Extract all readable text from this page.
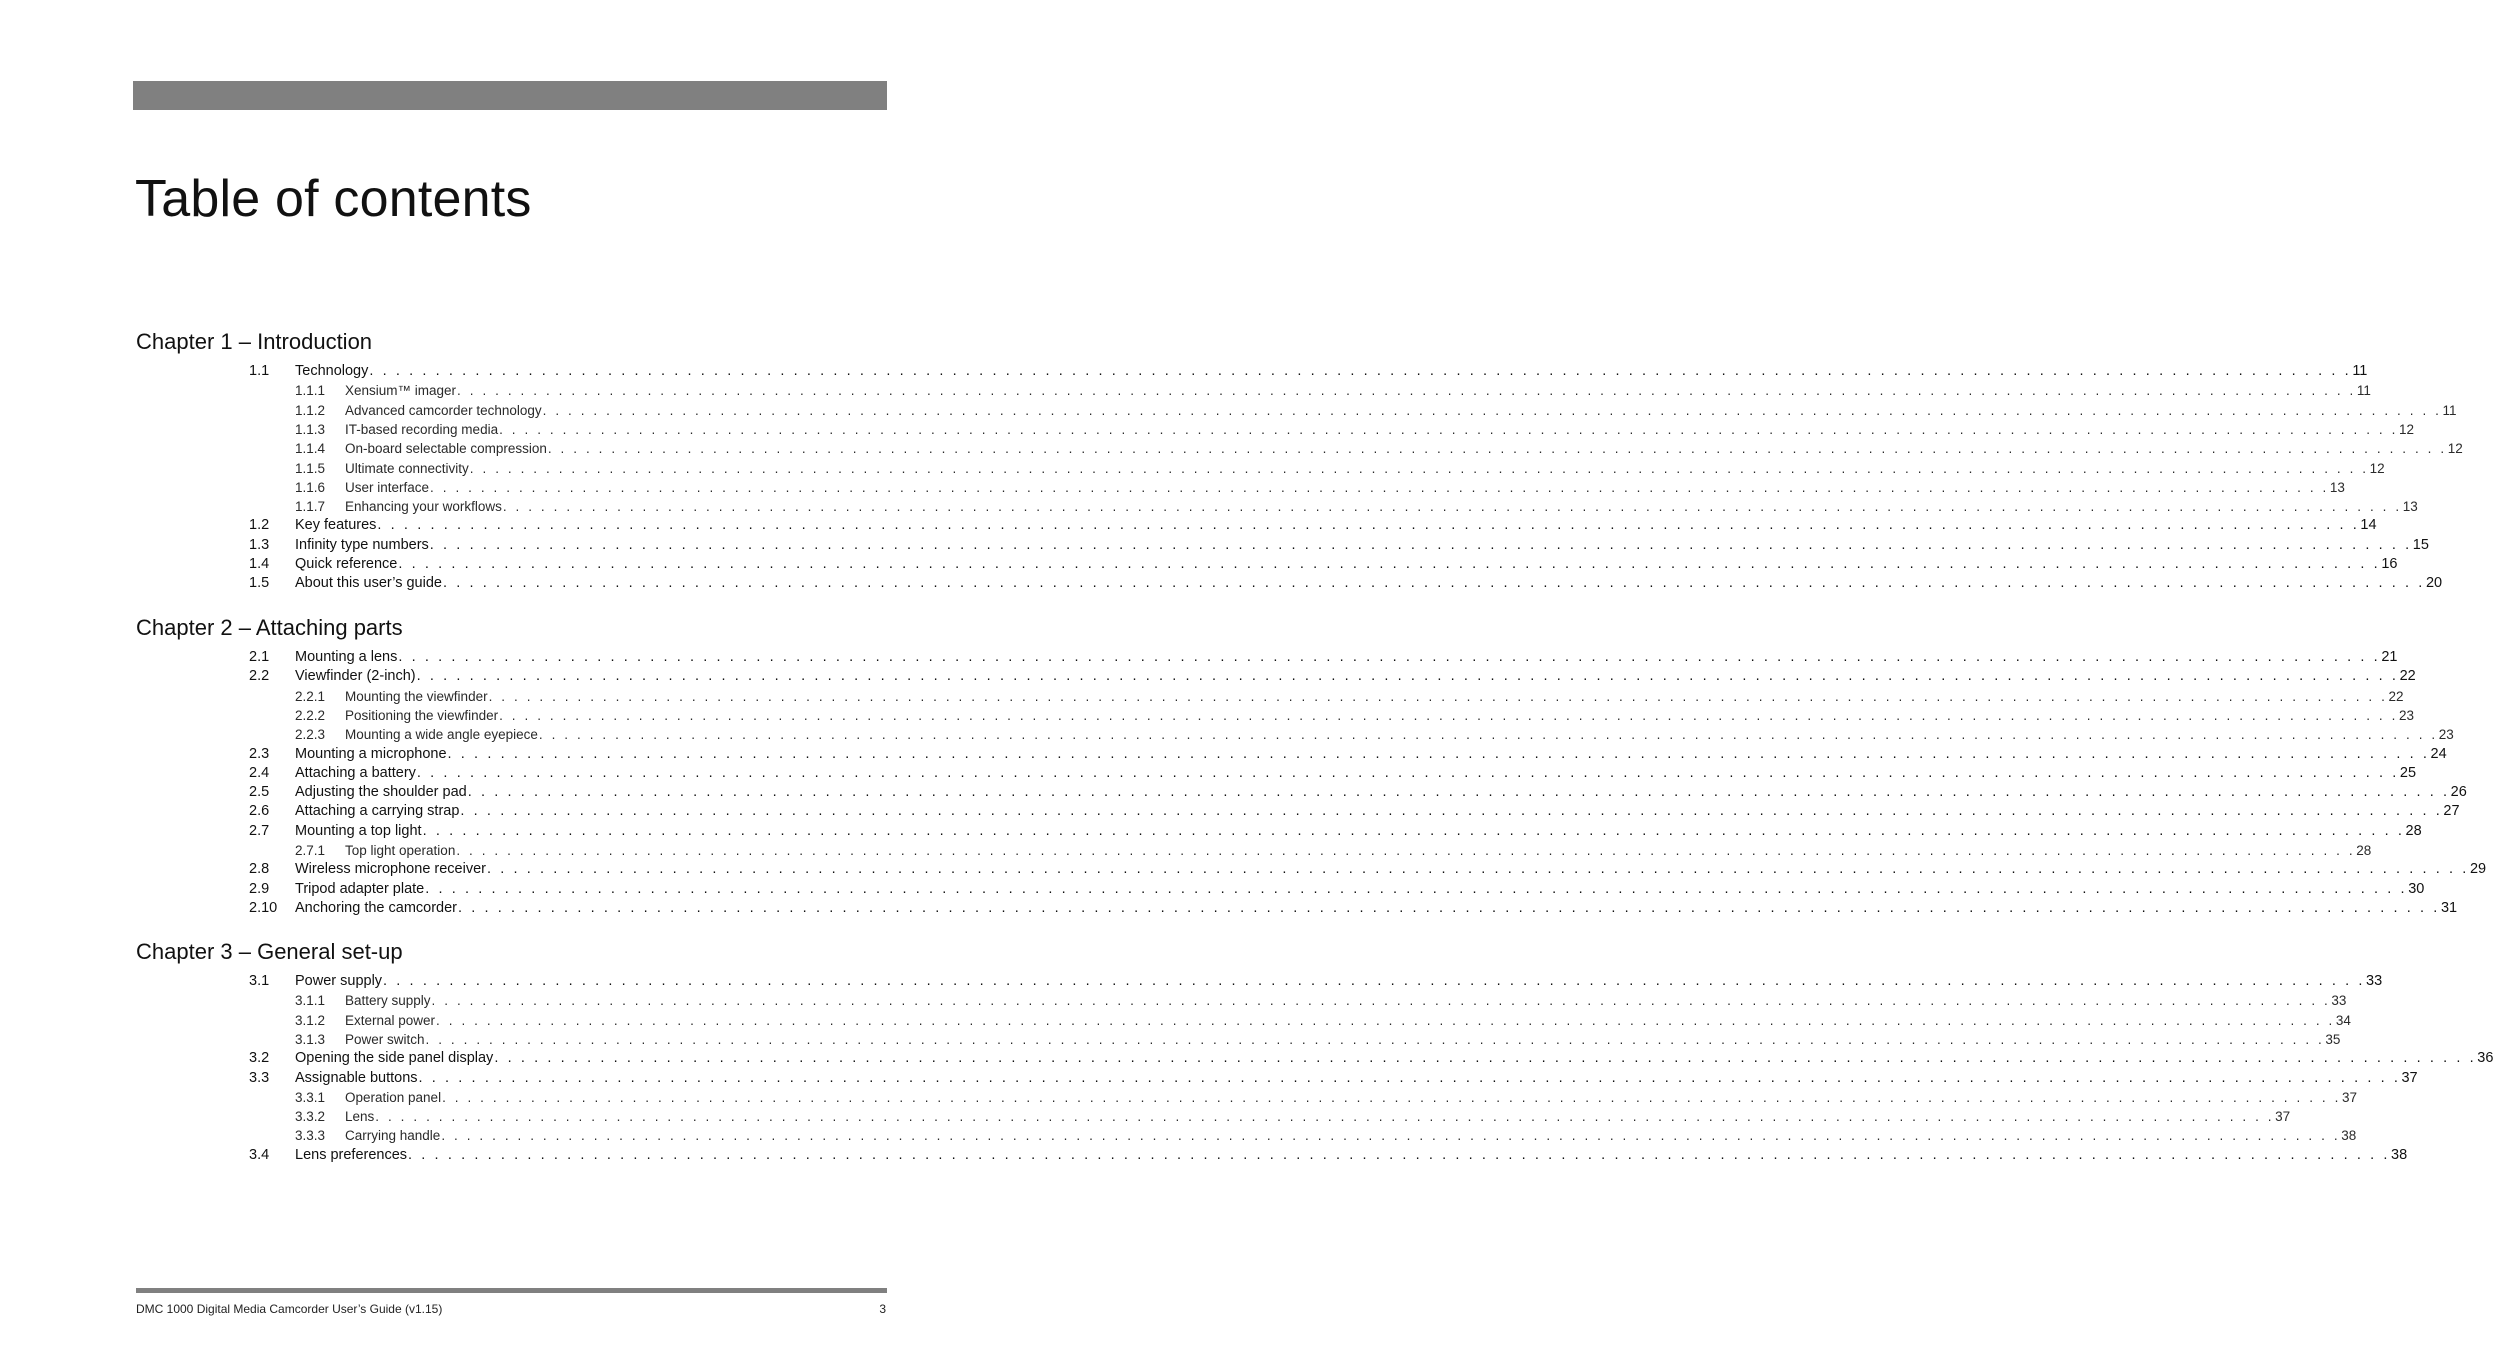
Table of contents
Chapter 1 – Introduction
1.1 Technology . . . . . . . . . . . . . . . . . . . . . . . . . . . . . . . . . . . . . . . . . . . . . . . . . . . . . . . . . . . . . . . . . . . . . . . . . . . . . . . . . . . . . . . . . . . . . . . . . . . . . . . . . . . . . . . . . . . . . . . . . . . . . . . . . . . . . . . . . . . . . . . . . . . . . . 11
1.1.1 Xensium™ imager . . . . . . . . . . . . . . . . . . . . . . . . . . . . . . . . . . . . . . . . . . . . . . . . . . . . . . . . . . . . . . . . . . . . . . . . . . . . . . . . . . . . . . . . . . . . . . . . . . . . . . . . . . . . . . . . . . . . . . . . . . . . . . . . . . . . . . . . . . . . . . . . . . . . . . 11
1.1.2 Advanced camcorder technology . . . . . . . . . . . . . . . . . . . . . . . . . . . . . . . . . . . . . . . . . . . . . . . . . . . . . . . . . . . . . . . . . . . . . . . . . . . . . . . . . . . . . . . . . . . . . . . . . . . . . . . . . . . . . . . . . . . . . . . . . . . . . . . . . . . . . . . . . . . . . . . . . . . . . . 11
1.1.3 IT-based recording media . . . . . . . . . . . . . . . . . . . . . . . . . . . . . . . . . . . . . . . . . . . . . . . . . . . . . . . . . . . . . . . . . . . . . . . . . . . . . . . . . . . . . . . . . . . . . . . . . . . . . . . . . . . . . . . . . . . . . . . . . . . . . . . . . . . . . . . . . . . . . . . . . . . . . . 12
1.1.4 On-board selectable compression . . . . . . . . . . . . . . . . . . . . . . . . . . . . . . . . . . . . . . . . . . . . . . . . . . . . . . . . . . . . . . . . . . . . . . . . . . . . . . . . . . . . . . . . . . . . . . . . . . . . . . . . . . . . . . . . . . . . . . . . . . . . . . . . . . . . . . . . . . . . . . . . . . . . . . 12
1.1.5 Ultimate connectivity . . . . . . . . . . . . . . . . . . . . . . . . . . . . . . . . . . . . . . . . . . . . . . . . . . . . . . . . . . . . . . . . . . . . . . . . . . . . . . . . . . . . . . . . . . . . . . . . . . . . . . . . . . . . . . . . . . . . . . . . . . . . . . . . . . . . . . . . . . . . . . . . . . . . . . 12
1.1.6 User interface . . . . . . . . . . . . . . . . . . . . . . . . . . . . . . . . . . . . . . . . . . . . . . . . . . . . . . . . . . . . . . . . . . . . . . . . . . . . . . . . . . . . . . . . . . . . . . . . . . . . . . . . . . . . . . . . . . . . . . . . . . . . . . . . . . . . . . . . . . . . . . . . . . . . . . 13
1.1.7 Enhancing your workflows . . . . . . . . . . . . . . . . . . . . . . . . . . . . . . . . . . . . . . . . . . . . . . . . . . . . . . . . . . . . . . . . . . . . . . . . . . . . . . . . . . . . . . . . . . . . . . . . . . . . . . . . . . . . . . . . . . . . . . . . . . . . . . . . . . . . . . . . . . . . . . . . . . . . . . 13
1.2 Key features . . . . . . . . . . . . . . . . . . . . . . . . . . . . . . . . . . . . . . . . . . . . . . . . . . . . . . . . . . . . . . . . . . . . . . . . . . . . . . . . . . . . . . . . . . . . . . . . . . . . . . . . . . . . . . . . . . . . . . . . . . . . . . . . . . . . . . . . . . . . . . . . . . . . . . 14
1.3 Infinity type numbers . . . . . . . . . . . . . . . . . . . . . . . . . . . . . . . . . . . . . . . . . . . . . . . . . . . . . . . . . . . . . . . . . . . . . . . . . . . . . . . . . . . . . . . . . . . . . . . . . . . . . . . . . . . . . . . . . . . . . . . . . . . . . . . . . . . . . . . . . . . . . . . . . . . . . . 15
1.4 Quick reference . . . . . . . . . . . . . . . . . . . . . . . . . . . . . . . . . . . . . . . . . . . . . . . . . . . . . . . . . . . . . . . . . . . . . . . . . . . . . . . . . . . . . . . . . . . . . . . . . . . . . . . . . . . . . . . . . . . . . . . . . . . . . . . . . . . . . . . . . . . . . . . . . . . . . . 16
1.5 About this user’s guide . . . . . . . . . . . . . . . . . . . . . . . . . . . . . . . . . . . . . . . . . . . . . . . . . . . . . . . . . . . . . . . . . . . . . . . . . . . . . . . . . . . . . . . . . . . . . . . . . . . . . . . . . . . . . . . . . . . . . . . . . . . . . . . . . . . . . . . . . . . . . . . . . . . . . . 20
Chapter 2 – Attaching parts
2.1 Mounting a lens . . . . . . . . . . . . . . . . . . . . . . . . . . . . . . . . . . . . . . . . . . . . . . . . . . . . . . . . . . . . . . . . . . . . . . . . . . . . . . . . . . . . . . . . . . . . . . . . . . . . . . . . . . . . . . . . . . . . . . . . . . . . . . . . . . . . . . . . . . . . . . . . . . . . . . 21
2.2 Viewfinder (2-inch) . . . . . . . . . . . . . . . . . . . . . . . . . . . . . . . . . . . . . . . . . . . . . . . . . . . . . . . . . . . . . . . . . . . . . . . . . . . . . . . . . . . . . . . . . . . . . . . . . . . . . . . . . . . . . . . . . . . . . . . . . . . . . . . . . . . . . . . . . . . . . . . . . . . . . . 22
2.2.1 Mounting the viewfinder . . . . . . . . . . . . . . . . . . . . . . . . . . . . . . . . . . . . . . . . . . . . . . . . . . . . . . . . . . . . . . . . . . . . . . . . . . . . . . . . . . . . . . . . . . . . . . . . . . . . . . . . . . . . . . . . . . . . . . . . . . . . . . . . . . . . . . . . . . . . . . . . . . . . . . 22
2.2.2 Positioning the viewfinder . . . . . . . . . . . . . . . . . . . . . . . . . . . . . . . . . . . . . . . . . . . . . . . . . . . . . . . . . . . . . . . . . . . . . . . . . . . . . . . . . . . . . . . . . . . . . . . . . . . . . . . . . . . . . . . . . . . . . . . . . . . . . . . . . . . . . . . . . . . . . . . . . . . . . . 23
2.2.3 Mounting a wide angle eyepiece . . . . . . . . . . . . . . . . . . . . . . . . . . . . . . . . . . . . . . . . . . . . . . . . . . . . . . . . . . . . . . . . . . . . . . . . . . . . . . . . . . . . . . . . . . . . . . . . . . . . . . . . . . . . . . . . . . . . . . . . . . . . . . . . . . . . . . . . . . . . . . . . . . . . . . 23
2.3 Mounting a microphone . . . . . . . . . . . . . . . . . . . . . . . . . . . . . . . . . . . . . . . . . . . . . . . . . . . . . . . . . . . . . . . . . . . . . . . . . . . . . . . . . . . . . . . . . . . . . . . . . . . . . . . . . . . . . . . . . . . . . . . . . . . . . . . . . . . . . . . . . . . . . . . . . . . . . . 24
2.4 Attaching a battery . . . . . . . . . . . . . . . . . . . . . . . . . . . . . . . . . . . . . . . . . . . . . . . . . . . . . . . . . . . . . . . . . . . . . . . . . . . . . . . . . . . . . . . . . . . . . . . . . . . . . . . . . . . . . . . . . . . . . . . . . . . . . . . . . . . . . . . . . . . . . . . . . . . . . . 25
2.5 Adjusting the shoulder pad . . . . . . . . . . . . . . . . . . . . . . . . . . . . . . . . . . . . . . . . . . . . . . . . . . . . . . . . . . . . . . . . . . . . . . . . . . . . . . . . . . . . . . . . . . . . . . . . . . . . . . . . . . . . . . . . . . . . . . . . . . . . . . . . . . . . . . . . . . . . . . . . . . . . . . 26
2.6 Attaching a carrying strap . . . . . . . . . . . . . . . . . . . . . . . . . . . . . . . . . . . . . . . . . . . . . . . . . . . . . . . . . . . . . . . . . . . . . . . . . . . . . . . . . . . . . . . . . . . . . . . . . . . . . . . . . . . . . . . . . . . . . . . . . . . . . . . . . . . . . . . . . . . . . . . . . . . . . . 27
2.7 Mounting a top light . . . . . . . . . . . . . . . . . . . . . . . . . . . . . . . . . . . . . . . . . . . . . . . . . . . . . . . . . . . . . . . . . . . . . . . . . . . . . . . . . . . . . . . . . . . . . . . . . . . . . . . . . . . . . . . . . . . . . . . . . . . . . . . . . . . . . . . . . . . . . . . . . . . . . . 28
2.7.1 Top light operation . . . . . . . . . . . . . . . . . . . . . . . . . . . . . . . . . . . . . . . . . . . . . . . . . . . . . . . . . . . . . . . . . . . . . . . . . . . . . . . . . . . . . . . . . . . . . . . . . . . . . . . . . . . . . . . . . . . . . . . . . . . . . . . . . . . . . . . . . . . . . . . . . . . . . . 28
2.8 Wireless microphone receiver . . . . . . . . . . . . . . . . . . . . . . . . . . . . . . . . . . . . . . . . . . . . . . . . . . . . . . . . . . . . . . . . . . . . . . . . . . . . . . . . . . . . . . . . . . . . . . . . . . . . . . . . . . . . . . . . . . . . . . . . . . . . . . . . . . . . . . . . . . . . . . . . . . . . . . 29
2.9 Tripod adapter plate . . . . . . . . . . . . . . . . . . . . . . . . . . . . . . . . . . . . . . . . . . . . . . . . . . . . . . . . . . . . . . . . . . . . . . . . . . . . . . . . . . . . . . . . . . . . . . . . . . . . . . . . . . . . . . . . . . . . . . . . . . . . . . . . . . . . . . . . . . . . . . . . . . . . . . 30
2.10 Anchoring the camcorder . . . . . . . . . . . . . . . . . . . . . . . . . . . . . . . . . . . . . . . . . . . . . . . . . . . . . . . . . . . . . . . . . . . . . . . . . . . . . . . . . . . . . . . . . . . . . . . . . . . . . . . . . . . . . . . . . . . . . . . . . . . . . . . . . . . . . . . . . . . . . . . . . . . . . . 31
Chapter 3 – General set-up
3.1 Power supply . . . . . . . . . . . . . . . . . . . . . . . . . . . . . . . . . . . . . . . . . . . . . . . . . . . . . . . . . . . . . . . . . . . . . . . . . . . . . . . . . . . . . . . . . . . . . . . . . . . . . . . . . . . . . . . . . . . . . . . . . . . . . . . . . . . . . . . . . . . . . . . . . . . . . . 33
3.1.1 Battery supply . . . . . . . . . . . . . . . . . . . . . . . . . . . . . . . . . . . . . . . . . . . . . . . . . . . . . . . . . . . . . . . . . . . . . . . . . . . . . . . . . . . . . . . . . . . . . . . . . . . . . . . . . . . . . . . . . . . . . . . . . . . . . . . . . . . . . . . . . . . . . . . . . . . . . . 33
3.1.2 External power . . . . . . . . . . . . . . . . . . . . . . . . . . . . . . . . . . . . . . . . . . . . . . . . . . . . . . . . . . . . . . . . . . . . . . . . . . . . . . . . . . . . . . . . . . . . . . . . . . . . . . . . . . . . . . . . . . . . . . . . . . . . . . . . . . . . . . . . . . . . . . . . . . . . . . 34
3.1.3 Power switch . . . . . . . . . . . . . . . . . . . . . . . . . . . . . . . . . . . . . . . . . . . . . . . . . . . . . . . . . . . . . . . . . . . . . . . . . . . . . . . . . . . . . . . . . . . . . . . . . . . . . . . . . . . . . . . . . . . . . . . . . . . . . . . . . . . . . . . . . . . . . . . . . . . . . . 35
3.2 Opening the side panel display . . . . . . . . . . . . . . . . . . . . . . . . . . . . . . . . . . . . . . . . . . . . . . . . . . . . . . . . . . . . . . . . . . . . . . . . . . . . . . . . . . . . . . . . . . . . . . . . . . . . . . . . . . . . . . . . . . . . . . . . . . . . . . . . . . . . . . . . . . . . . . . . . . . . . . 36
3.3 Assignable buttons . . . . . . . . . . . . . . . . . . . . . . . . . . . . . . . . . . . . . . . . . . . . . . . . . . . . . . . . . . . . . . . . . . . . . . . . . . . . . . . . . . . . . . . . . . . . . . . . . . . . . . . . . . . . . . . . . . . . . . . . . . . . . . . . . . . . . . . . . . . . . . . . . . . . . . 37
3.3.1 Operation panel . . . . . . . . . . . . . . . . . . . . . . . . . . . . . . . . . . . . . . . . . . . . . . . . . . . . . . . . . . . . . . . . . . . . . . . . . . . . . . . . . . . . . . . . . . . . . . . . . . . . . . . . . . . . . . . . . . . . . . . . . . . . . . . . . . . . . . . . . . . . . . . . . . . . . . 37
3.3.2 Lens . . . . . . . . . . . . . . . . . . . . . . . . . . . . . . . . . . . . . . . . . . . . . . . . . . . . . . . . . . . . . . . . . . . . . . . . . . . . . . . . . . . . . . . . . . . . . . . . . . . . . . . . . . . . . . . . . . . . . . . . . . . . . . . . . . . . . . . . . . . . . . . . . . . . . . 37
3.3.3 Carrying handle . . . . . . . . . . . . . . . . . . . . . . . . . . . . . . . . . . . . . . . . . . . . . . . . . . . . . . . . . . . . . . . . . . . . . . . . . . . . . . . . . . . . . . . . . . . . . . . . . . . . . . . . . . . . . . . . . . . . . . . . . . . . . . . . . . . . . . . . . . . . . . . . . . . . . . 38
3.4 Lens preferences . . . . . . . . . . . . . . . . . . . . . . . . . . . . . . . . . . . . . . . . . . . . . . . . . . . . . . . . . . . . . . . . . . . . . . . . . . . . . . . . . . . . . . . . . . . . . . . . . . . . . . . . . . . . . . . . . . . . . . . . . . . . . . . . . . . . . . . . . . . . . . . . . . . . . . 38
DMC 1000 Digital Media Camcorder User’s Guide (v1.15)	3
